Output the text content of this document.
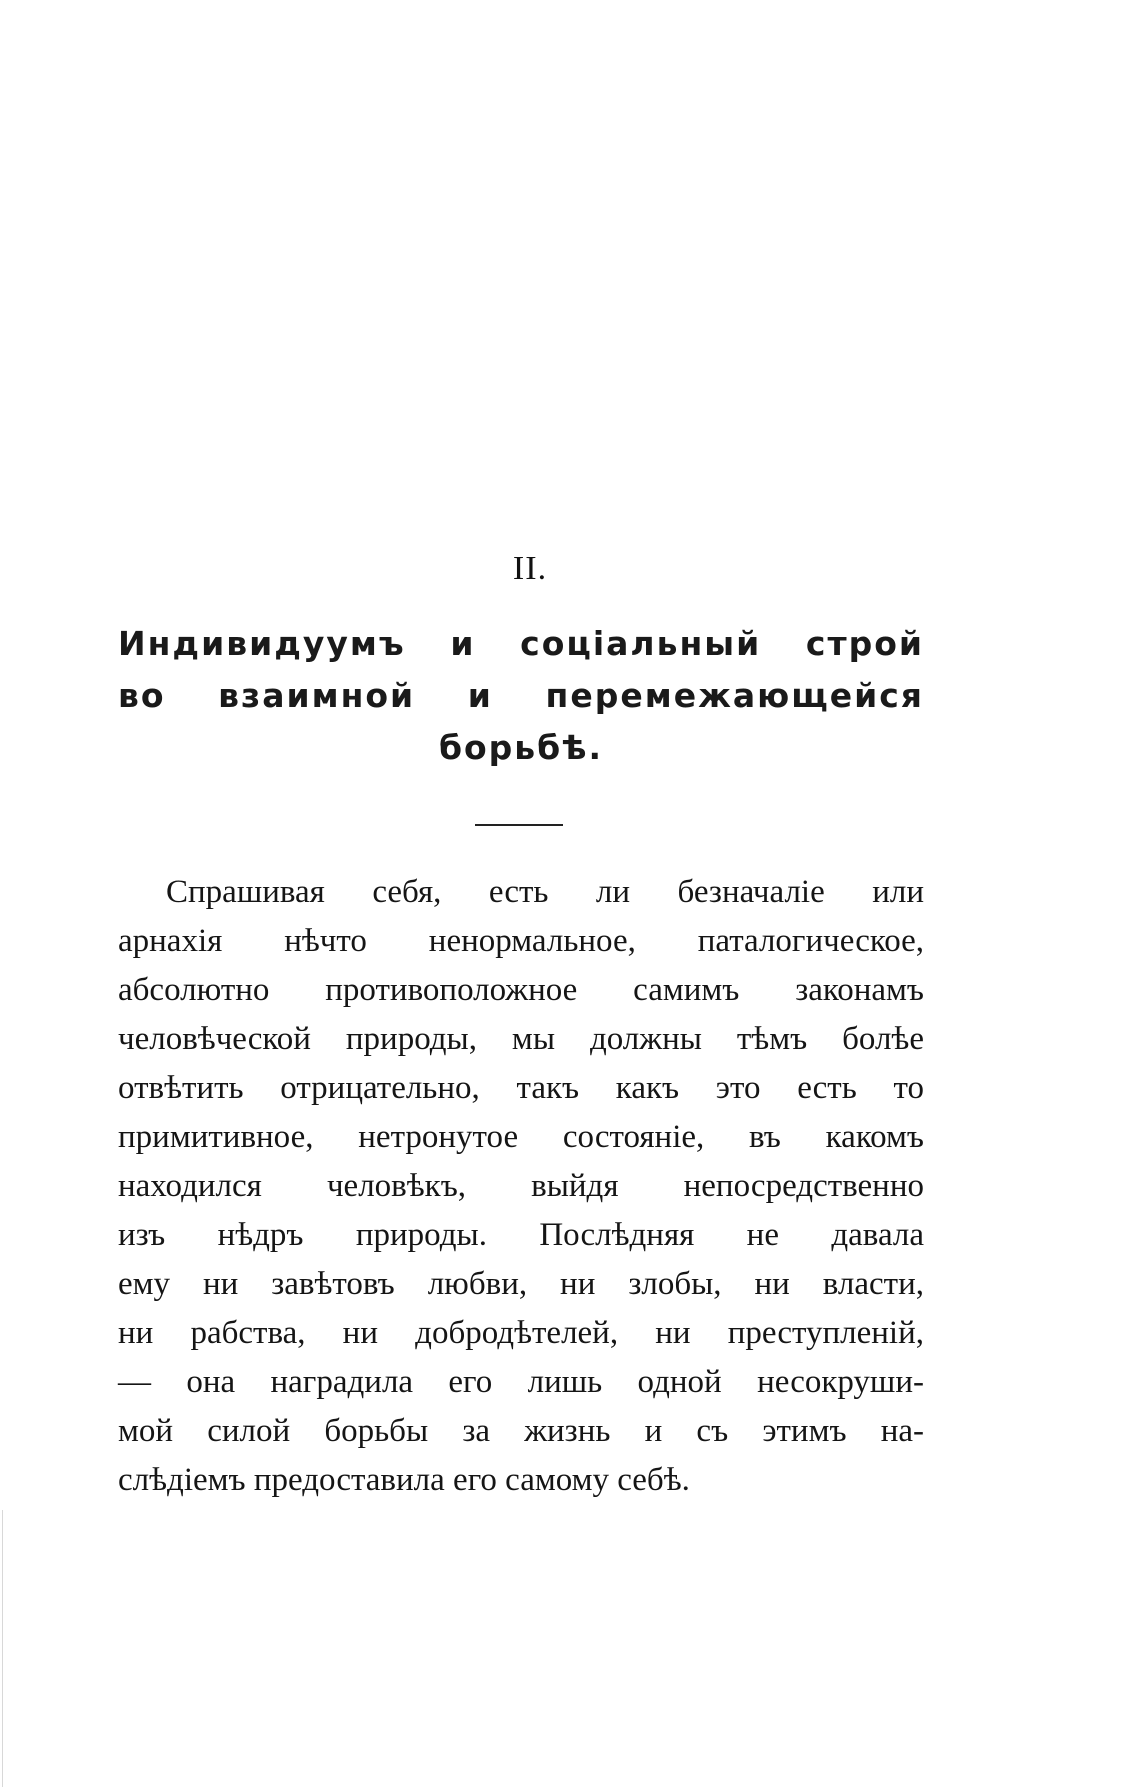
II.
Индивидуумъ и соціальный строй
во взаимной и перемежающейся
борьбѣ.
Спрашивая себя, есть ли безначаліе или
арнахія нѣчто ненормальное, паталогическое,
абсолютно противоположное самимъ законамъ
человѣческой природы, мы должны тѣмъ болѣе
отвѣтить отрицательно, такъ какъ это есть то
примитивное, нетронутое состояніе, въ какомъ
находился человѣкъ, выйдя непосредственно
изъ нѣдръ природы. Послѣдняя не давала
ему ни завѣтовъ любви, ни злобы, ни власти,
ни рабства, ни добродѣтелей, ни преступленій,
— она наградила его лишь одной несокруши-
мой силой борьбы за жизнь и съ этимъ на-
слѣдіемъ предоставила его самому себѣ.
